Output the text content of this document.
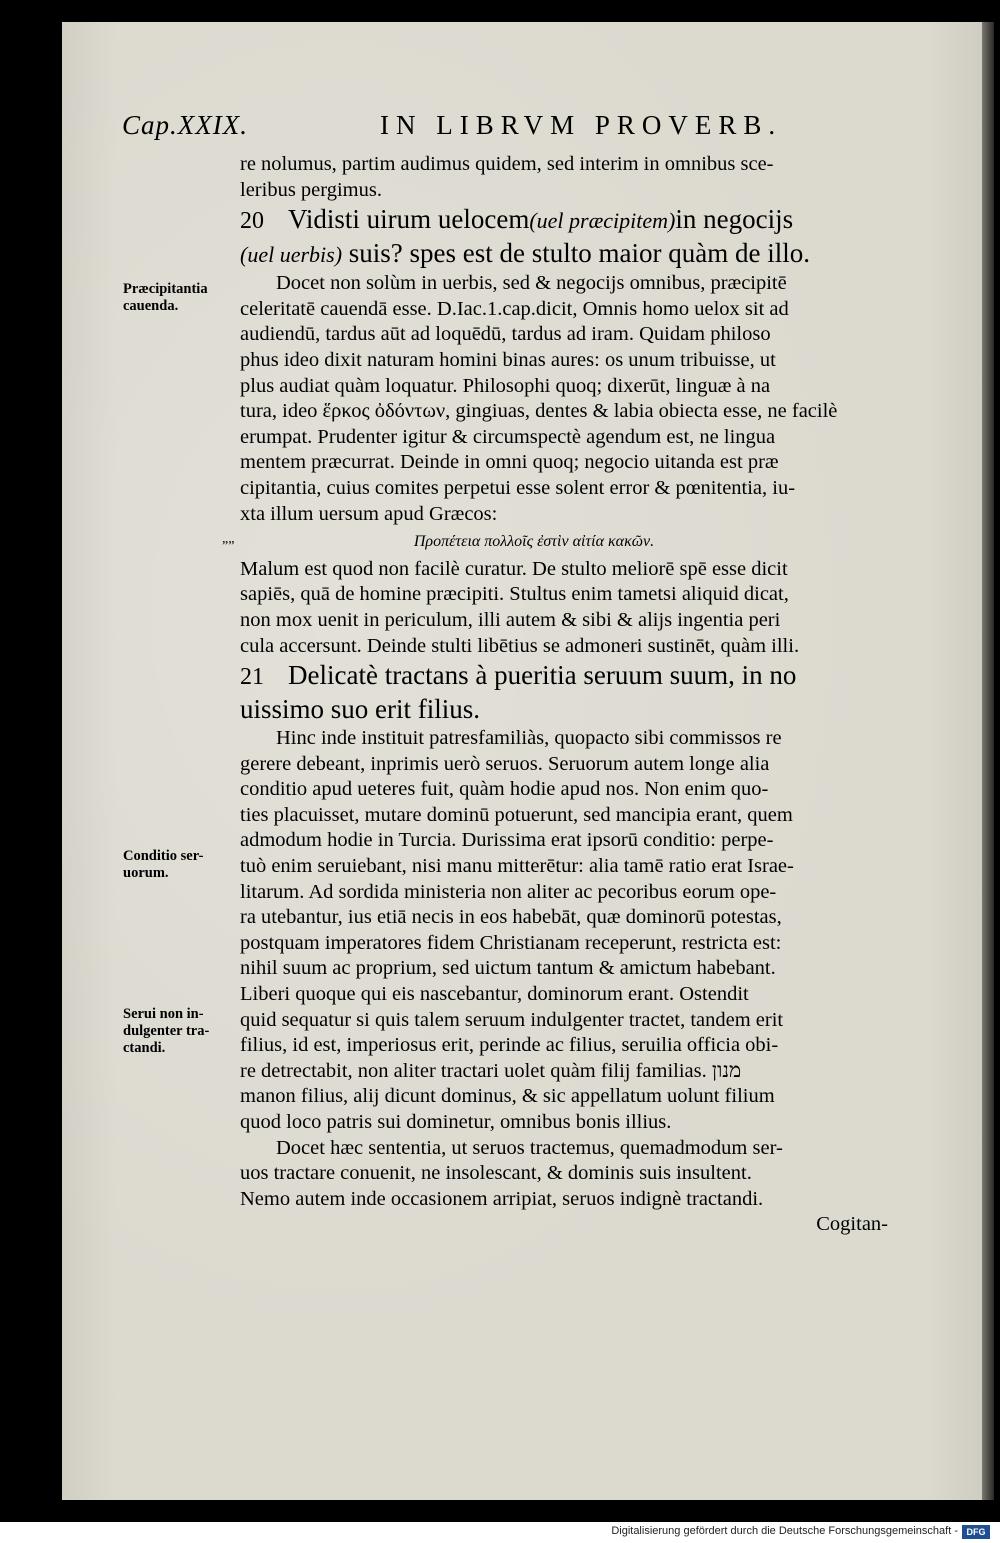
Cap.XXIX.	IN LIBRVM PROVERB.
Præcipitantia
cauenda.
Conditio ser-
uorum.
Serui non in-
dulgenter tra-
ctandi.
””

re nolumus, partim audimus quidem, sed interim in omnibus sce-

leribus pergimus.

20 Vidisti uirum uelocem(uel præcipitem)in negocijs

(uel uerbis) suis? spes est de stulto maior quàm de illo.

Docet non solùm in uerbis, sed & negocijs omnibus, præcipitē

celeritatē cauendā esse. D.Iac.1.cap.dicit, Omnis homo uelox sit ad

audiendū, tardus aūt ad loquēdū, tardus ad iram. Quidam philoso

phus ideo dixit naturam homini binas aures: os unum tribuisse, ut

plus audiat quàm loquatur. Philosophi quoq; dixerūt, linguæ à na

tura, ideo ἕρκος ὀδόντων, gingiuas, dentes & labia obiecta esse, ne facilè

erumpat. Prudenter igitur & circumspectè agendum est, ne lingua

mentem præcurrat. Deinde in omni quoq; negocio uitanda est præ

cipitantia, cuius comites perpetui esse solent error & pœnitentia, iu-

xta illum uersum apud Græcos:

Προπέτεια πολλοῖς ἐστὶν αἰτία κακῶν.

Malum est quod non facilè curatur. De stulto meliorē spē esse dicit

sapiēs, quā de homine præcipiti. Stultus enim tametsi aliquid dicat,

non mox uenit in periculum, illi autem & sibi & alijs ingentia peri

cula accersunt. Deinde stulti libētius se admoneri sustinēt, quàm illi.

21 Delicatè tractans à pueritia seruum suum, in no

uissimo suo erit filius.

Hinc inde instituit patresfamiliàs, quopacto sibi commissos re

gerere debeant, inprimis uerò seruos. Seruorum autem longe alia

conditio apud ueteres fuit, quàm hodie apud nos. Non enim quo-

ties placuisset, mutare dominū potuerunt, sed mancipia erant, quem

admodum hodie in Turcia. Durissima erat ipsorū conditio: perpe-

tuò enim seruiebant, nisi manu mitterētur: alia tamē ratio erat Israe-

litarum. Ad sordida ministeria non aliter ac pecoribus eorum ope-

ra utebantur, ius etiā necis in eos habebāt, quæ dominorū potestas,

postquam imperatores fidem Christianam receperunt, restricta est:

nihil suum ac proprium, sed uictum tantum & amictum habebant.

Liberi quoque qui eis nascebantur, dominorum erant. Ostendit

quid sequatur si quis talem seruum indulgenter tractet, tandem erit

filius, id est, imperiosus erit, perinde ac filius, seruilia officia obi-

re detrectabit, non aliter tractari uolet quàm filij familias. מנון

manon filius, alij dicunt dominus, & sic appellatum uolunt filium

quod loco patris sui dominetur, omnibus bonis illius.

Docet hæc sententia, ut seruos tractemus, quemadmodum ser-

uos tractare conuenit, ne insolescant, & dominis suis insultent.

Nemo autem inde occasionem arripiat, seruos indignè tractandi.

Cogitan-

Digitalisierung gefördert durch die Deutsche Forschungsgemeinschaft - DFG
